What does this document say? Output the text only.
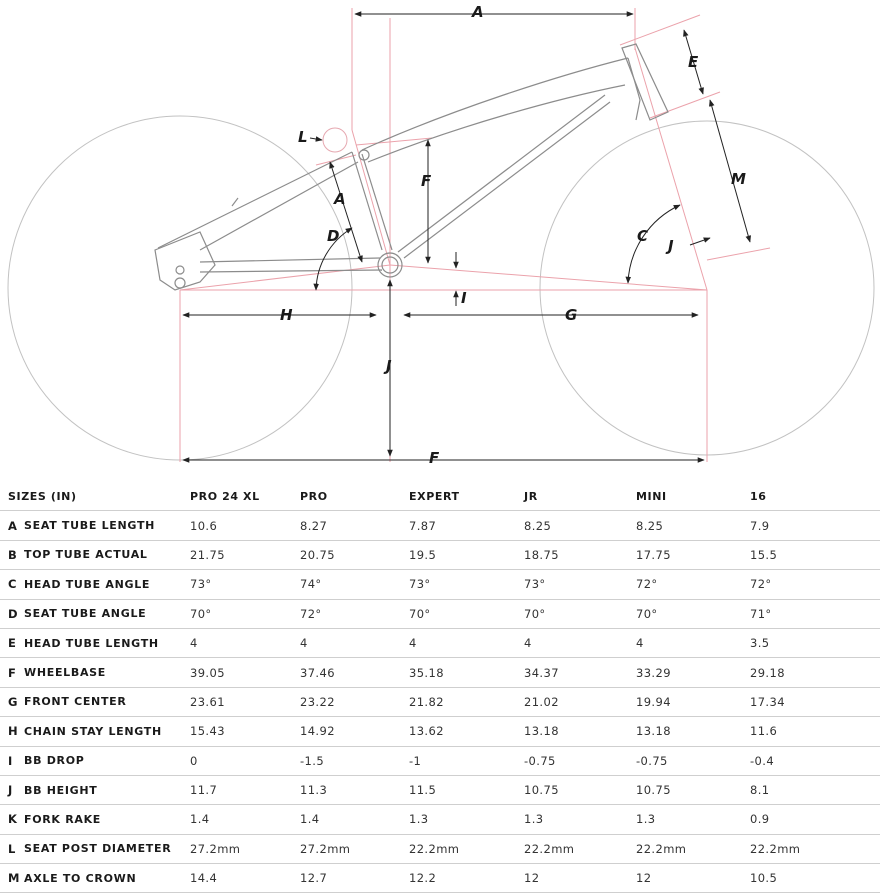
A
E
L
F	M
A
D	C
J
I
H	G
J
F
SIZES (IN)		PRO 24 XL	PRO	EXPERT	JR	MINI	16
A	SEAT TUBE LENGTH	10.6	8.27	7.87	8.25	8.25	7.9
B	TOP TUBE ACTUAL	21.75	20.75	19.5	18.75	17.75	15.5
C	HEAD TUBE ANGLE	73°	74°	73°	73°	72°	72°
D	SEAT TUBE ANGLE	70°	72°	70°	70°	70°	71°
E	HEAD TUBE LENGTH	4	4	4	4	4	3.5
F	WHEELBASE	39.05	37.46	35.18	34.37	33.29	29.18
G	FRONT CENTER	23.61	23.22	21.82	21.02	19.94	17.34
H	CHAIN STAY LENGTH	15.43	14.92	13.62	13.18	13.18	11.6
I	BB DROP	0	-1.5	-1	-0.75	-0.75	-0.4
J	BB HEIGHT	11.7	11.3	11.5	10.75	10.75	8.1
K	FORK RAKE	1.4	1.4	1.3	1.3	1.3	0.9
L	SEAT POST DIAMETER	27.2mm	27.2mm	22.2mm	22.2mm	22.2mm	22.2mm
M	AXLE TO CROWN	14.4	12.7	12.2	12	12	10.5
